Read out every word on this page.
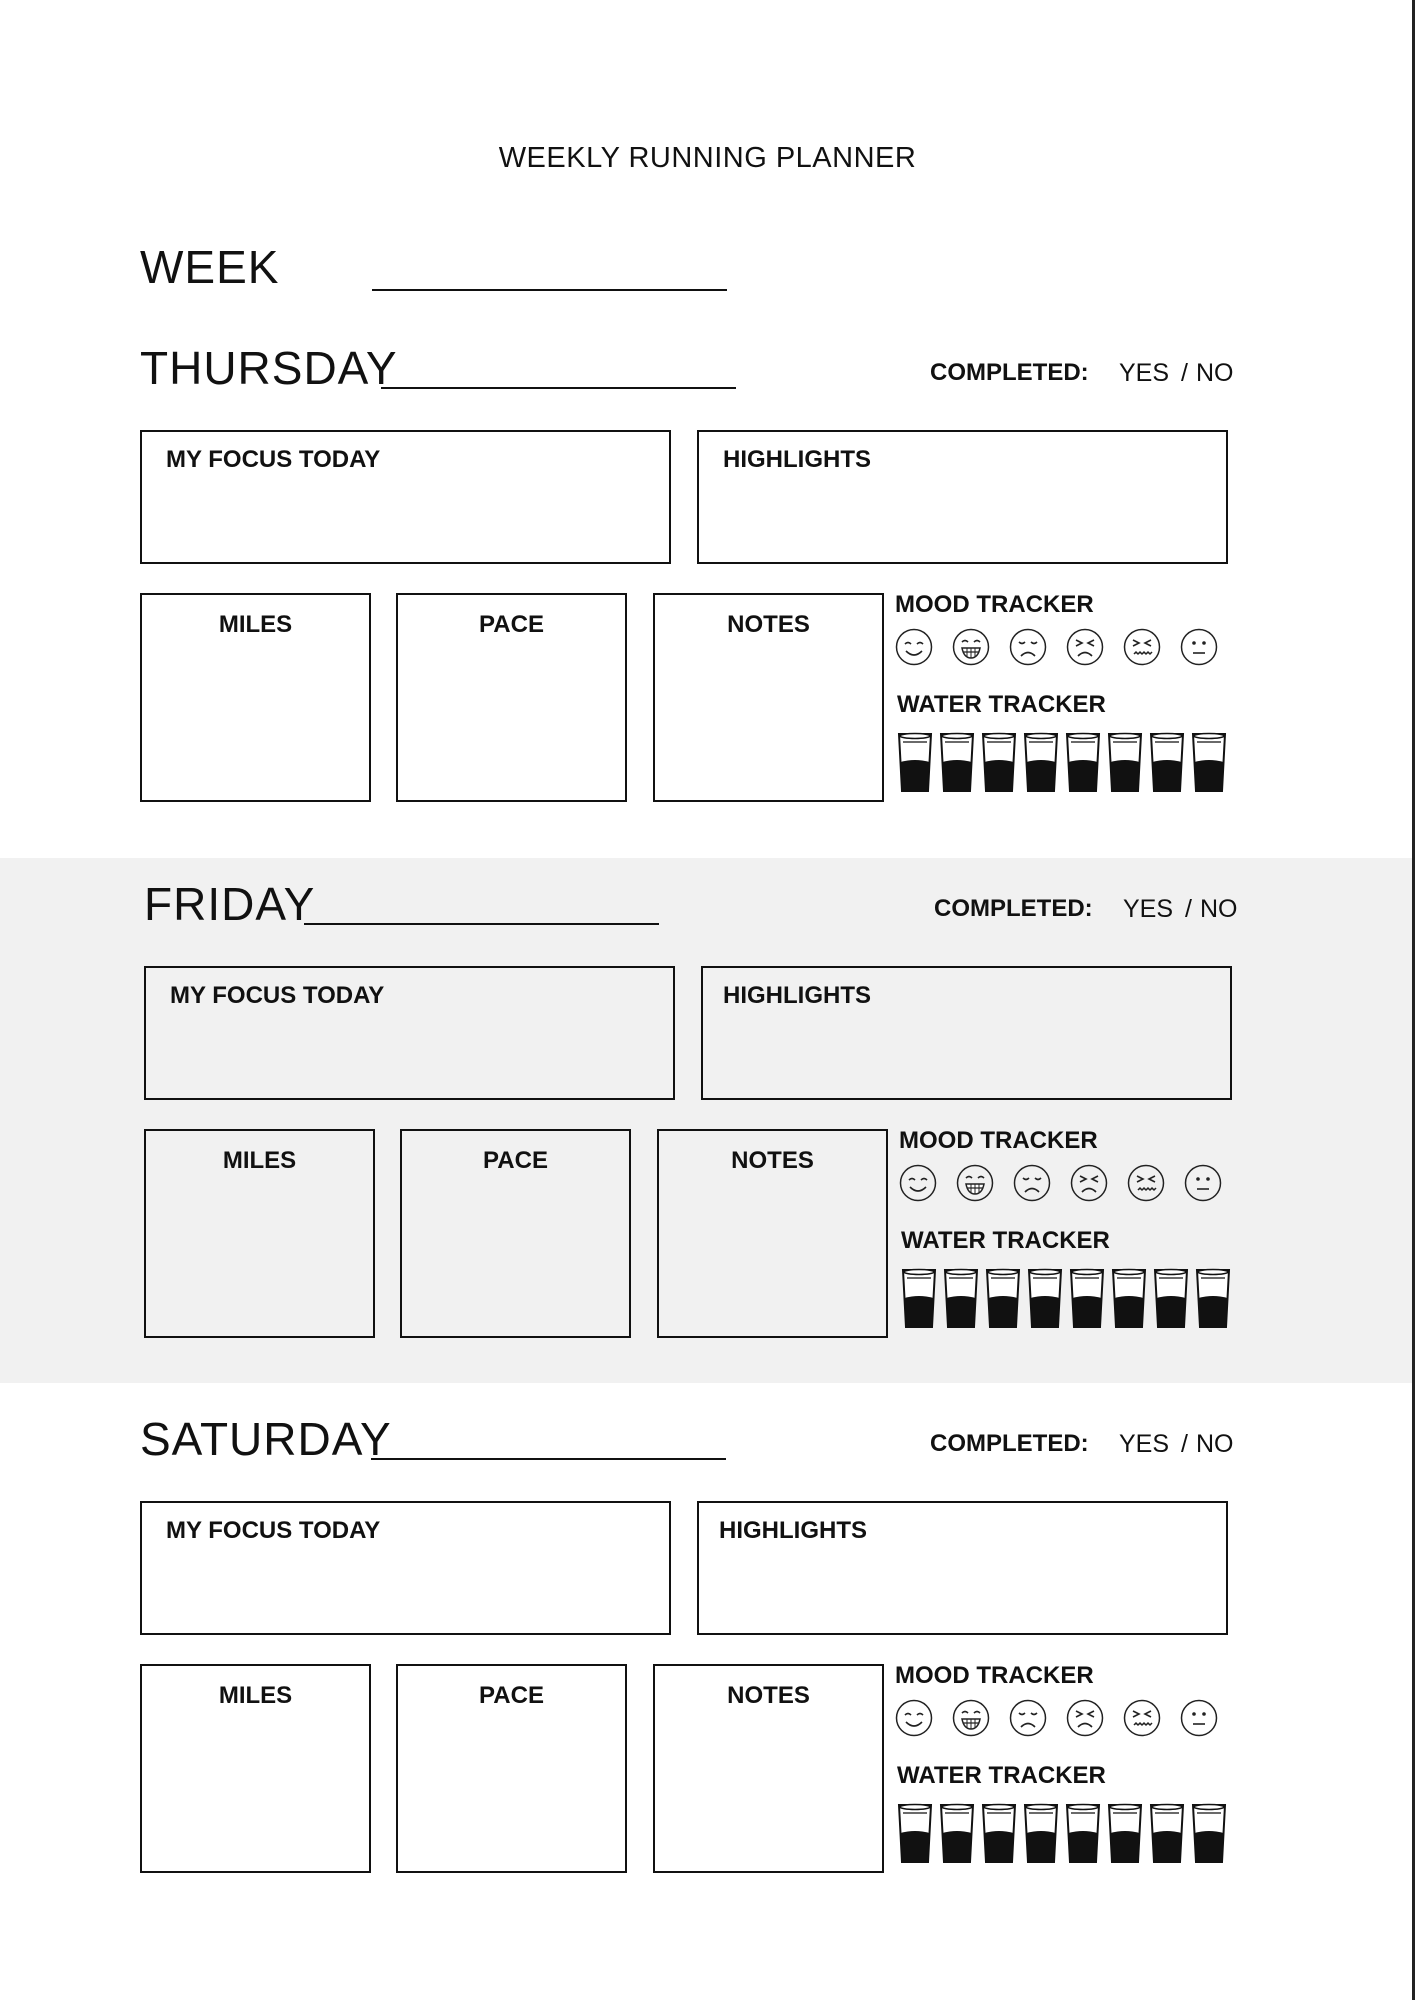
WEEKLY RUNNING PLANNER
WEEK
THURSDAY	COMPLETED: YES / NO
MY FOCUS TODAY	HIGHLIGHTS
MILES	PACE	NOTES
MOOD TRACKER
WATER TRACKER
FRIDAY	COMPLETED: YES / NO
MY FOCUS TODAY	HIGHLIGHTS
MILES	PACE	NOTES
MOOD TRACKER
WATER TRACKER
SATURDAY	COMPLETED: YES / NO
MY FOCUS TODAY	HIGHLIGHTS
MILES	PACE	NOTES
MOOD TRACKER
WATER TRACKER
